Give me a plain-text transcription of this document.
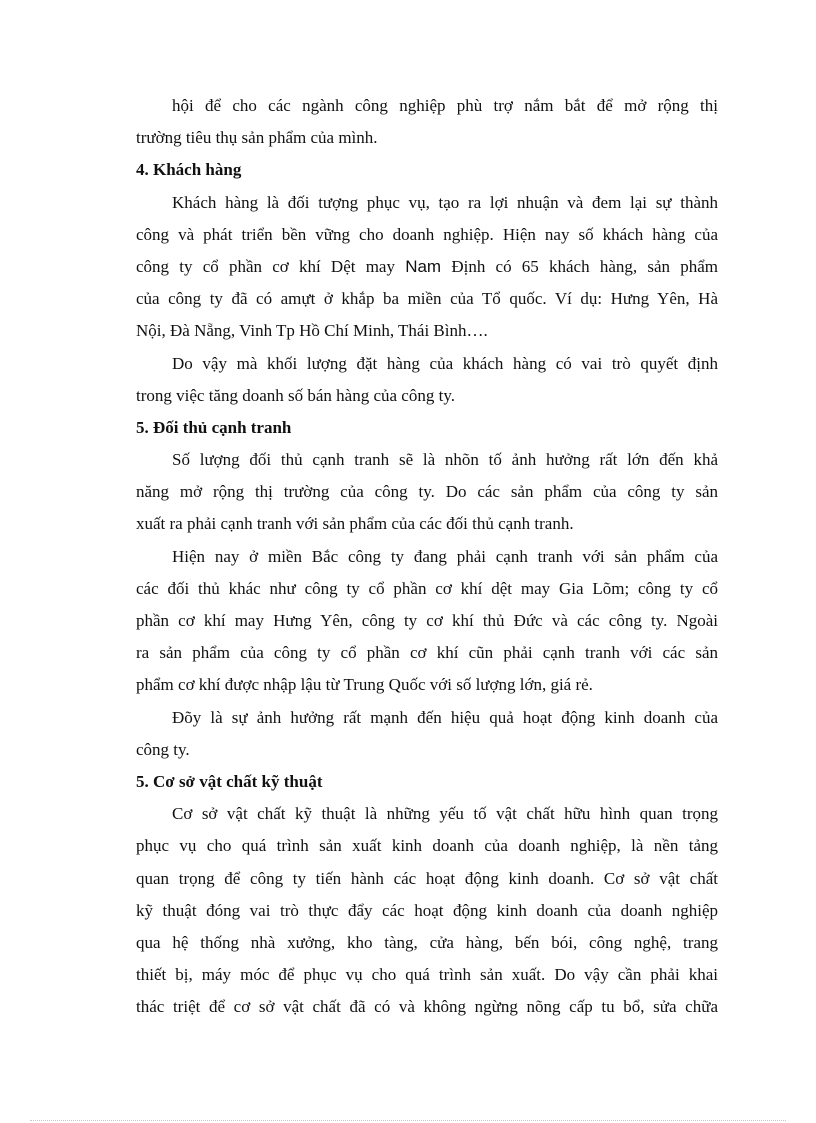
hội để cho các ngành công nghiệp phù trợ nắm bắt để mở rộng thị
trường tiêu thụ sản phẩm của mình.
4. Khách hàng
Khách hàng là đối tượng phục vụ, tạo ra lợi nhuận và đem lại sự thành
công và phát triển bền vững cho doanh nghiệp. Hiện nay số khách hàng của
công ty cổ phần cơ khí Dệt may Nam Định có 65 khách hàng, sản phẩm
của công ty đã có amựt ở khắp ba miền của Tổ quốc. Ví dụ: Hưng Yên, Hà
Nội, Đà Nẵng, Vinh Tp Hồ Chí Minh, Thái Bình….
Do vậy mà khối lượng đặt hàng của khách hàng có vai trò quyết định
trong việc tăng doanh số bán hàng của công ty.
5. Đối thủ cạnh tranh
Số lượng đối thủ cạnh tranh sẽ là nhõn tố ảnh hưởng rất lớn đến khả
năng mở rộng thị trường của công ty. Do các sản phẩm của công ty sản
xuất ra phải cạnh tranh với sản phẩm của các đối thủ cạnh tranh.
Hiện nay ở miền Bắc công ty đang phải cạnh tranh với sản phẩm của
các đối thủ khác như công ty cổ phần cơ khí dệt may Gia Lõm; công ty cổ
phần cơ khí may Hưng Yên, công ty cơ khí thủ Đức và các công ty. Ngoài
ra sản phẩm của công ty cổ phần cơ khí cũn phải cạnh tranh với các sản
phẩm cơ khí được nhập lậu từ Trung Quốc với số lượng lớn, giá rẻ.
Đõy là sự ảnh hưởng rất mạnh đến hiệu quả hoạt động kinh doanh của
công ty.
5. Cơ sở vật chất kỹ thuật
Cơ sở vật chất kỹ thuật là những yếu tố vật chất hữu hình quan trọng
phục vụ cho quá trình sản xuất kinh doanh của doanh nghiệp, là nền tảng
quan trọng để công ty tiến hành các hoạt động kinh doanh. Cơ sở vật chất
kỹ thuật đóng vai trò thực đẩy các hoạt động kinh doanh của doanh nghiệp
qua hệ thống nhà xưởng, kho tàng, cửa hàng, bến bói, công nghệ, trang
thiết bị, máy móc để phục vụ cho quá trình sản xuất. Do vậy cần phải khai
thác triệt để cơ sở vật chất đã có và không ngừng nõng cấp tu bổ, sửa chữa
